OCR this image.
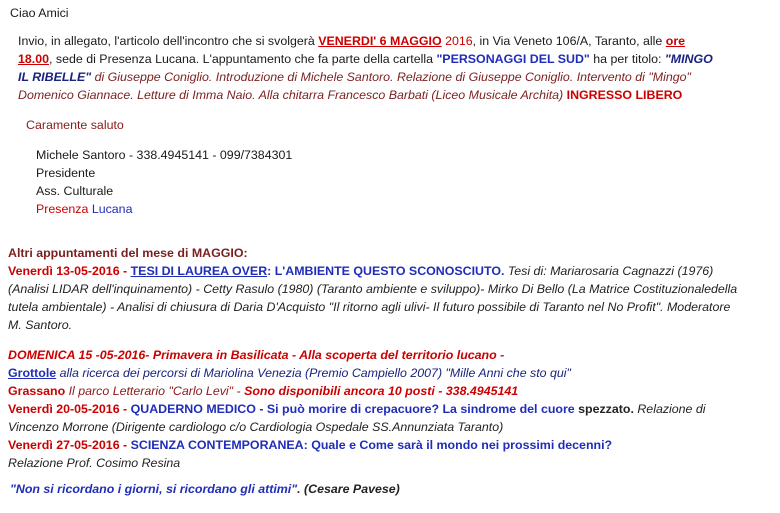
Ciao Amici
Invio, in allegato, l'articolo dell'incontro che si svolgerà VENERDI' 6 MAGGIO 2016, in Via Veneto 106/A, Taranto, alle ore
18.00, sede di Presenza Lucana. L'appuntamento che fa parte della cartella "PERSONAGGI DEL SUD" ha per titolo: "MINGO
IL RIBELLE" di Giuseppe Coniglio. Introduzione di Michele Santoro. Relazione di Giuseppe Coniglio. Intervento di "Mingo"
Domenico Giannace. Letture di Imma Naio. Alla chitarra Francesco Barbati (Liceo Musicale Archita) INGRESSO LIBERO
Caramente saluto
Michele Santoro - 338.4945141 - 099/7384301
Presidente
Ass. Culturale
Presenza Lucana
Altri appuntamenti del mese di MAGGIO:
Venerdì 13-05-2016 - TESI DI LAUREA OVER: L'AMBIENTE QUESTO SCONOSCIUTO. Tesi di: Mariarosaria Cagnazzi (1976)
(Analisi LIDAR dell'inquinamento) - Cetty Rasulo (1980) (Taranto ambiente e sviluppo)- Mirko Di Bello (La Matrice Costituzionaledella
tutela ambientale) - Analisi di chiusura di Daria D'Acquisto "Il ritorno agli ulivi- Il futuro possibile di Taranto nel No Profit". Moderatore
M. Santoro.
DOMENICA 15 -05-2016- Primavera in Basilicata - Alla scoperta del territorio lucano -
Grottole alla ricerca dei percorsi di Mariolina Venezia (Premio Campiello 2007) "Mille Anni che sto qui"
Grassano Il parco Letterario "Carlo Levi" - Sono disponibili ancora 10 posti - 338.4945141
Venerdì 20-05-2016 - QUADERNO MEDICO - Si può morire di crepacuore? La sindrome del cuore spezzato. Relazione di
Vincenzo Morrone (Dirigente cardiologo c/o Cardiologia Ospedale SS.Annunziata Taranto)
Venerdì 27-05-2016 - SCIENZA CONTEMPORANEA: Quale e Come sarà il mondo nei prossimi decenni?
Relazione Prof. Cosimo Resina
"Non si ricordano i giorni, si ricordano gli attimi". (Cesare Pavese)
